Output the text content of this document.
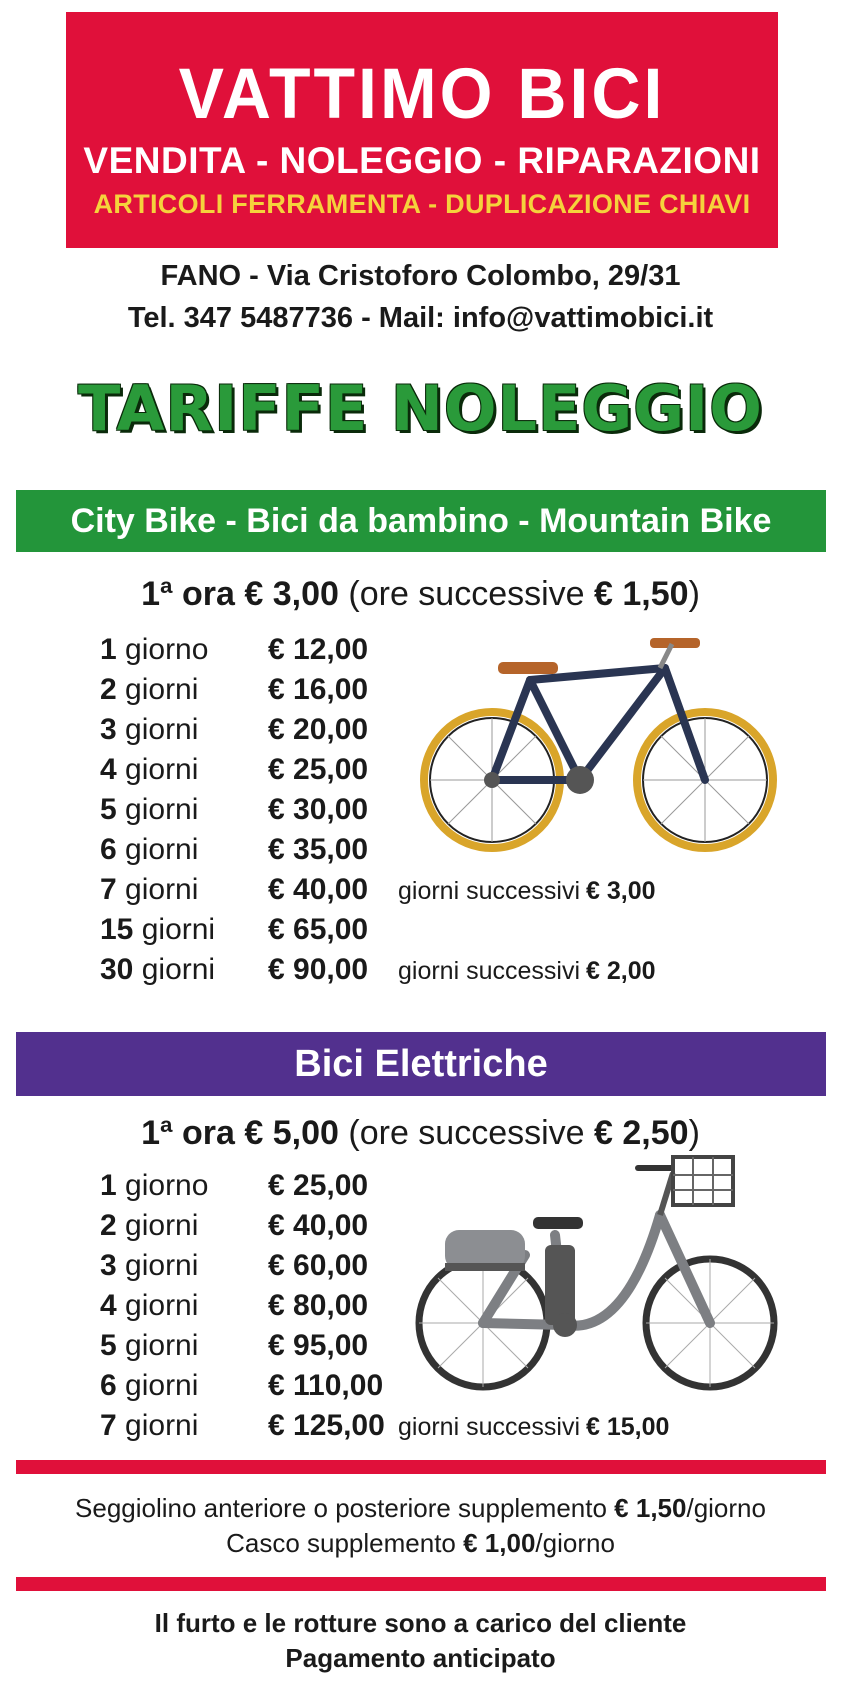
VATTIMO BICI
VENDITA - NOLEGGIO - RIPARAZIONI
ARTICOLI FERRAMENTA - DUPLICAZIONE CHIAVI
FANO - Via Cristoforo Colombo, 29/31
Tel. 347 5487736 - Mail: info@vattimobici.it
TARIFFE NOLEGGIO
City Bike - Bici da bambino - Mountain Bike
1ª ora € 3,00 (ore successive € 1,50)
1 giorno € 12,00
2 giorni € 16,00
3 giorni € 20,00
4 giorni € 25,00
5 giorni € 30,00
6 giorni € 35,00
7 giorni € 40,00 giorni successivi € 3,00
15 giorni € 65,00
30 giorni € 90,00 giorni successivi € 2,00
Bici Elettriche
1ª ora € 5,00 (ore successive € 2,50)
1 giorno € 25,00
2 giorni € 40,00
3 giorni € 60,00
4 giorni € 80,00
5 giorni € 95,00
6 giorni € 110,00
7 giorni € 125,00 giorni successivi € 15,00
Seggiolino anteriore o posteriore supplemento € 1,50/giorno
Casco supplemento € 1,00/giorno
Il furto e le rotture sono a carico del cliente
Pagamento anticipato
